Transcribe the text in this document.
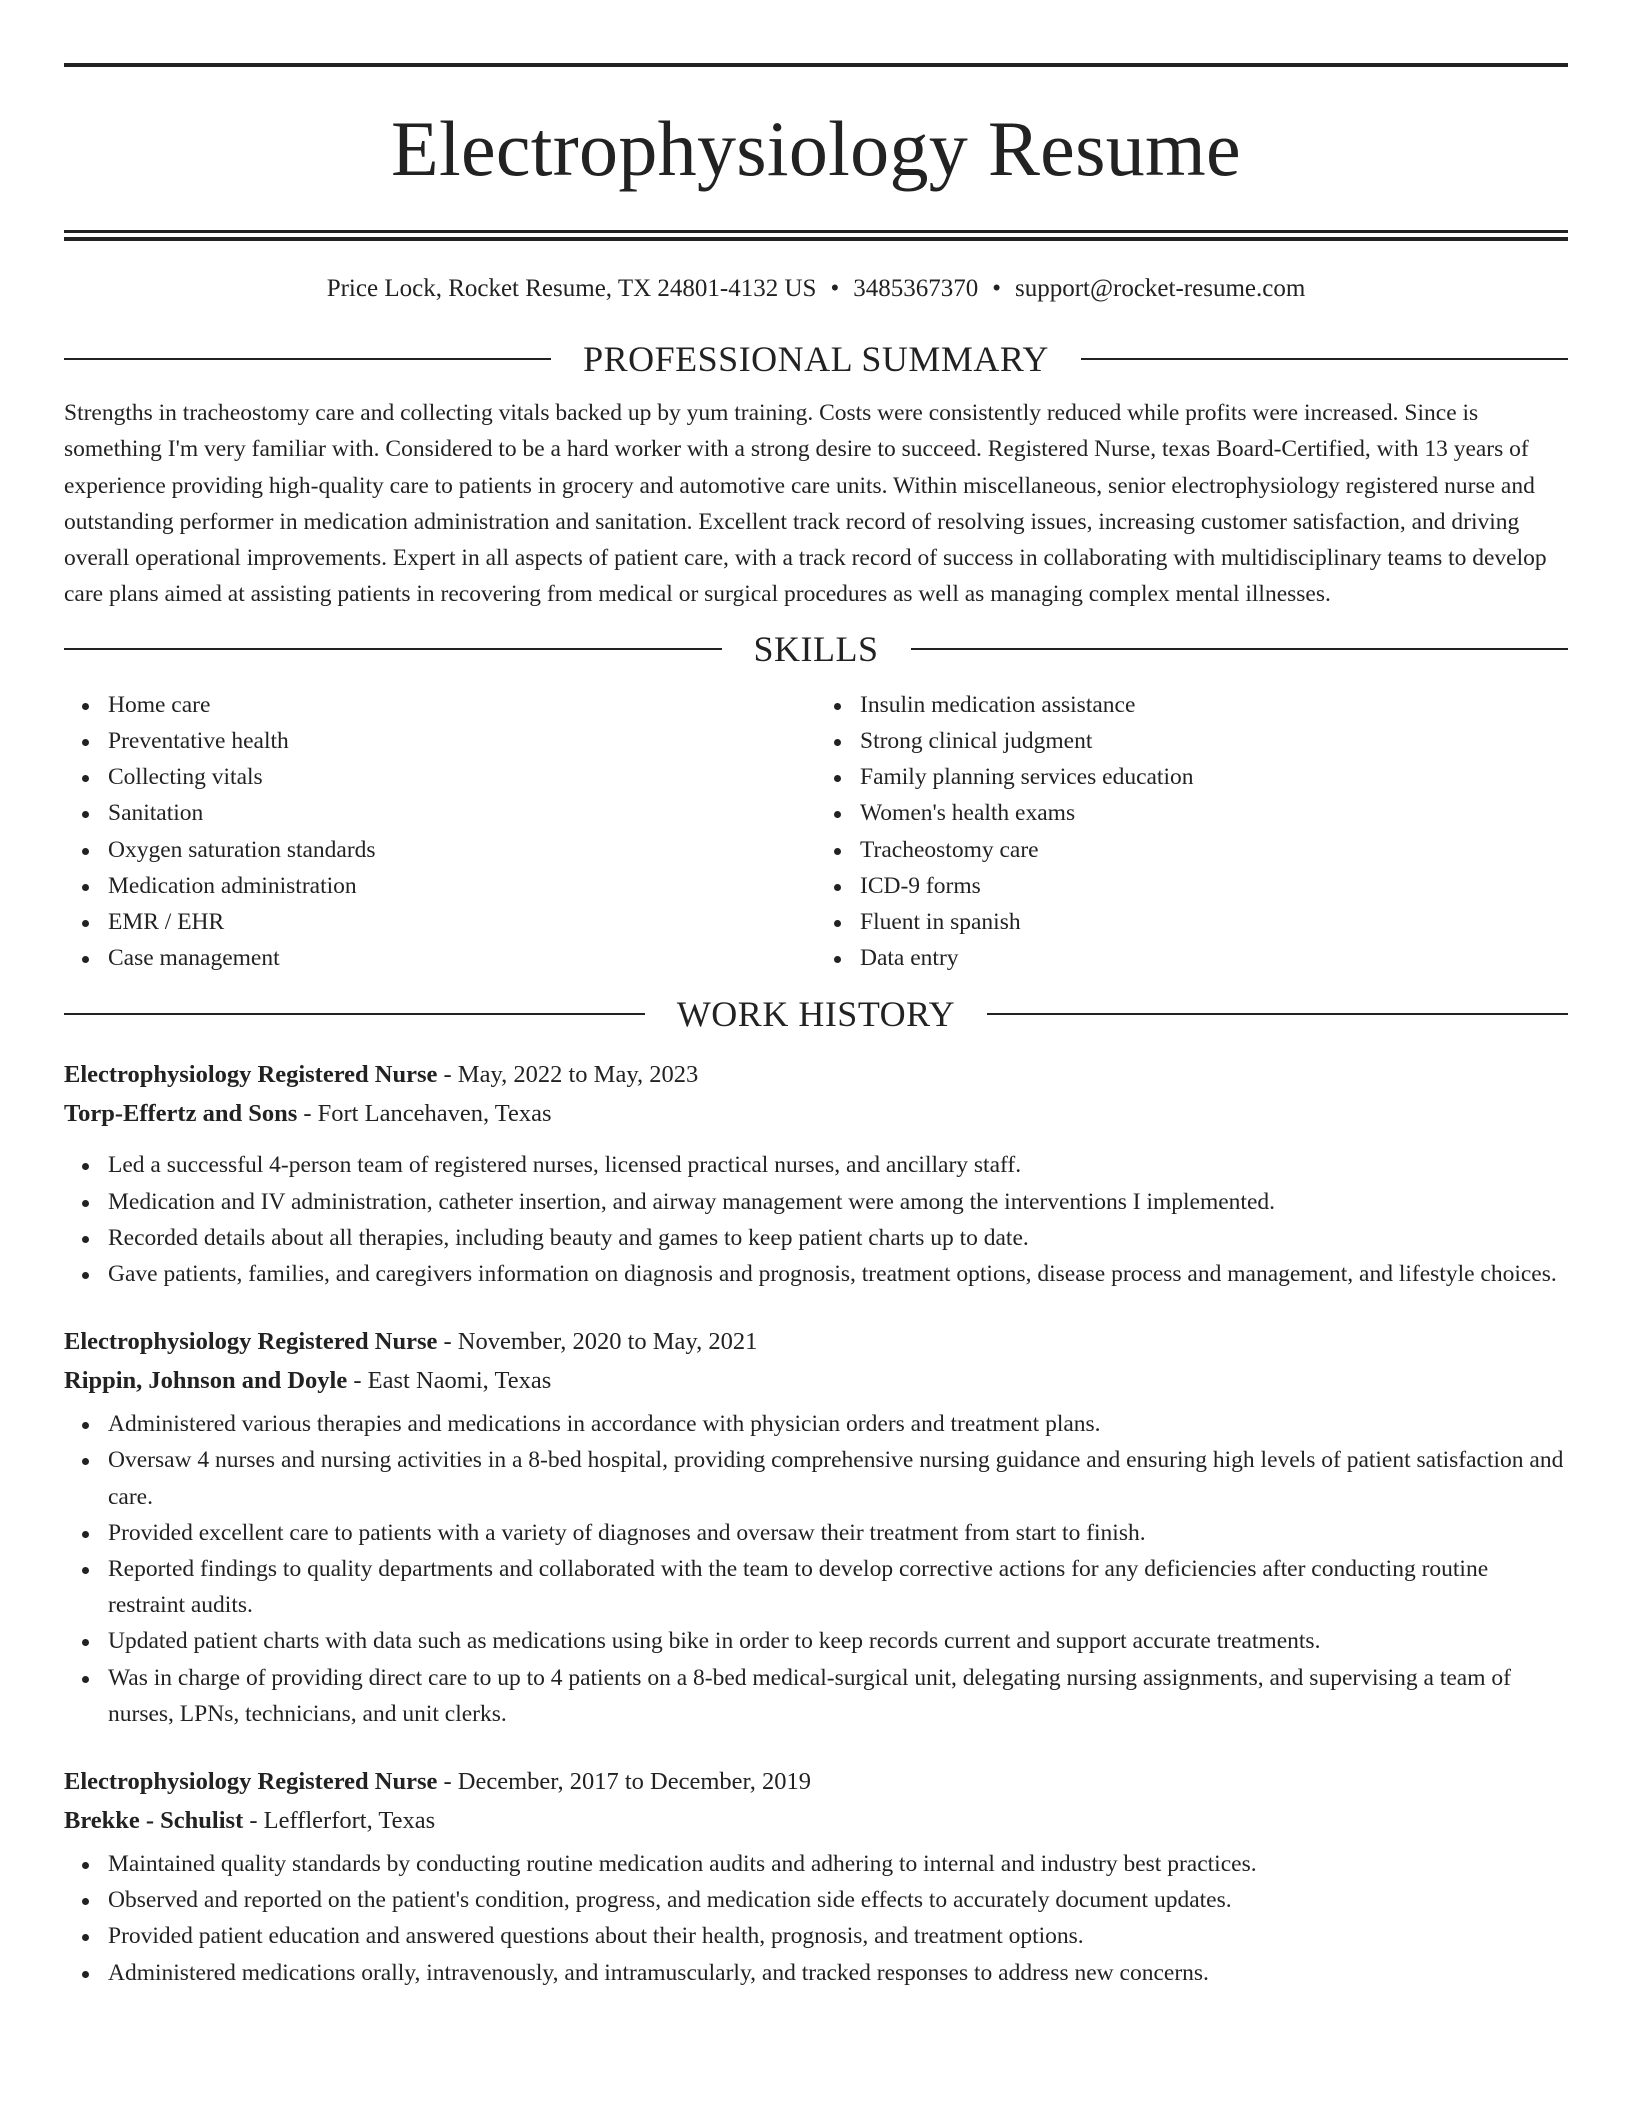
Electrophysiology Resume
Price Lock, Rocket Resume, TX 24801-4132 US • 3485367370 • support@rocket-resume.com
PROFESSIONAL SUMMARY

Strengths in tracheostomy care and collecting vitals backed up by yum training. Costs were consistently reduced while profits were increased. Since is something I'm very familiar with. Considered to be a hard worker with a strong desire to succeed. Registered Nurse, texas Board-Certified, with 13 years of experience providing high-quality care to patients in grocery and automotive care units. Within miscellaneous, senior electrophysiology registered nurse and outstanding performer in medication administration and sanitation. Excellent track record of resolving issues, increasing customer satisfaction, and driving overall operational improvements. Expert in all aspects of patient care, with a track record of success in collaborating with multidisciplinary teams to develop care plans aimed at assisting patients in recovering from medical or surgical procedures as well as managing complex mental illnesses.

SKILLS
Home care
Preventative health
Collecting vitals
Sanitation
Oxygen saturation standards
Medication administration
EMR / EHR
Case management
Insulin medication assistance
Strong clinical judgment
Family planning services education
Women's health exams
Tracheostomy care
ICD-9 forms
Fluent in spanish
Data entry
WORK HISTORY
Electrophysiology Registered Nurse - May, 2022 to May, 2023
Torp-Effertz and Sons - Fort Lancehaven, Texas
Led a successful 4-person team of registered nurses, licensed practical nurses, and ancillary staff.
Medication and IV administration, catheter insertion, and airway management were among the interventions I implemented.
Recorded details about all therapies, including beauty and games to keep patient charts up to date.
Gave patients, families, and caregivers information on diagnosis and prognosis, treatment options, disease process and management, and lifestyle choices.
Electrophysiology Registered Nurse - November, 2020 to May, 2021
Rippin, Johnson and Doyle - East Naomi, Texas
Administered various therapies and medications in accordance with physician orders and treatment plans.
Oversaw 4 nurses and nursing activities in a 8-bed hospital, providing comprehensive nursing guidance and ensuring high levels of patient satisfaction and care.
Provided excellent care to patients with a variety of diagnoses and oversaw their treatment from start to finish.
Reported findings to quality departments and collaborated with the team to develop corrective actions for any deficiencies after conducting routine restraint audits.
Updated patient charts with data such as medications using bike in order to keep records current and support accurate treatments.
Was in charge of providing direct care to up to 4 patients on a 8-bed medical-surgical unit, delegating nursing assignments, and supervising a team of nurses, LPNs, technicians, and unit clerks.
Electrophysiology Registered Nurse - December, 2017 to December, 2019
Brekke - Schulist - Lefflerfort, Texas
Maintained quality standards by conducting routine medication audits and adhering to internal and industry best practices.
Observed and reported on the patient's condition, progress, and medication side effects to accurately document updates.
Provided patient education and answered questions about their health, prognosis, and treatment options.
Administered medications orally, intravenously, and intramuscularly, and tracked responses to address new concerns.
